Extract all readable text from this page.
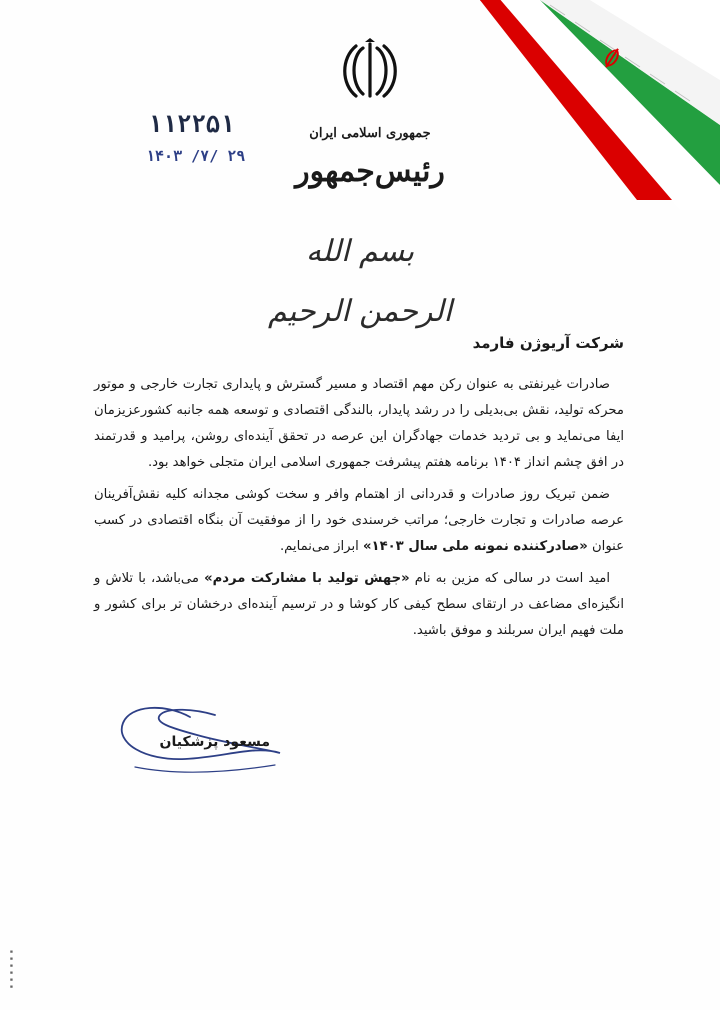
جمهوری اسلامی ایران
رئیس‌جمهور
۱۱۲۲۵۱
۱۴۰۳ /۷/ ۲۹
بسم الله الرحمن الرحیم
شرکت آریوژن فارمد

صادرات غیرنفتی به عنوان رکن مهم اقتصاد و مسیر گسترش و پایداری تجارت خارجی و موتور محرکه تولید، نقش بی‌بدیلی را در رشد پایدار، بالندگی اقتصادی و توسعه همه جانبه کشورعزیزمان ایفا می‌نماید و بی تردید خدمات جهادگران این عرصه در تحقق آینده‌ای روشن، پرامید و قدرتمند در افق چشم انداز ۱۴۰۴ برنامه هفتم پیشرفت جمهوری اسلامی ایران متجلی خواهد بود.

ضمن تبریک روز صادرات و قدردانی از اهتمام وافر و سخت کوشی مجدانه کلیه نقش‌آفرینان عرصه صادرات و تجارت خارجی؛ مراتب خرسندی خود را از موفقیت آن بنگاه اقتصادی در کسب عنوان «صادرکننده نمونه ملی سال ۱۴۰۳» ابراز می‌نمایم.

امید است در سالی که مزین به نام «جهش تولید با مشارکت مردم» می‌باشد، با تلاش و انگیزه‌ای مضاعف در ارتقای سطح کیفی کار کوشا و در ترسیم آینده‌ای درخشان تر برای کشور و ملت فهیم ایران سربلند و موفق باشید.

مسعود پزشکیان
▪▪▪▪▪▪
